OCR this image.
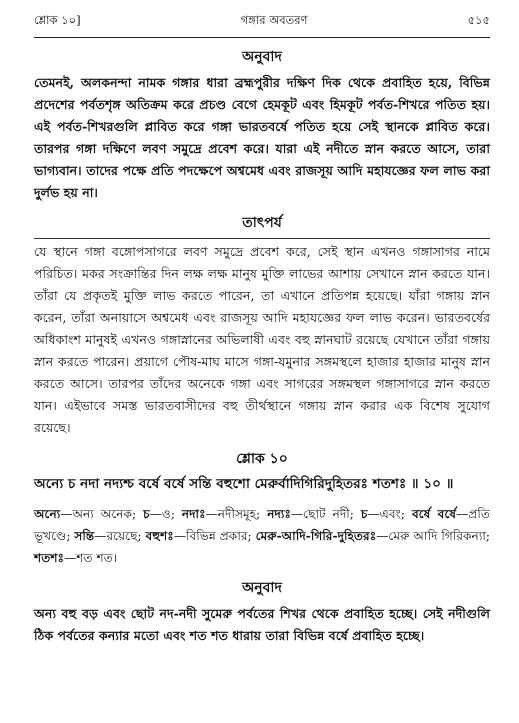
শ্লোক ১০]	গঙ্গার অবতরণ	৫১৫
অনুবাদ

তেমনই, অলকনন্দা নামক গঙ্গার ধারা ব্রহ্মপুরীর দক্ষিণ দিক থেকে প্রবাহিত হয়ে, বিভিন্ন প্রদেশের পর্বতশৃঙ্গ অতিক্রম করে প্রচণ্ড বেগে হেমকূট এবং হিমকূট পর্বত-শিখরে পতিত হয়। এই পর্বত-শিখরগুলি প্লাবিত করে গঙ্গা ভারতবর্ষে পতিত হয়ে সেই স্থানকে প্লাবিত করে। তারপর গঙ্গা দক্ষিণে লবণ সমুদ্রে প্রবেশ করে। যারা এই নদীতে স্নান করতে আসে, তারা ভাগ্যবান। তাদের পক্ষে প্রতি পদক্ষেপে অশ্বমেধ এবং রাজসূয় আদি মহাযজ্ঞের ফল লাভ করা দুর্লভ হয় না।

তাৎপর্য

যে স্থানে গঙ্গা বঙ্গোপসাগরে লবণ সমুদ্রে প্রবেশ করে, সেই স্থান এখনও গঙ্গাসাগর নামে পরিচিত। মকর সংক্রান্তির দিন লক্ষ লক্ষ মানুষ মুক্তি লাভের আশায় সেখানে স্নান করতে যান। তাঁরা যে প্রকৃতই মুক্তি লাভ করতে পারেন, তা এখানে প্রতিপন্ন হয়েছে। যাঁরা গঙ্গায় স্নান করেন, তাঁরা অনায়াসে অশ্বমেধ এবং রাজসূয় আদি মহাযজ্ঞের ফল লাভ করেন। ভারতবর্ষের অধিকাংশ মানুষই এখনও গঙ্গাস্নানের অভিলাষী এবং বহু স্নানঘাট রয়েছে যেখানে তাঁরা গঙ্গায় স্নান করতে পারেন। প্রয়াগে পৌষ-মাঘ মাসে গঙ্গা-যমুনার সঙ্গমস্থলে হাজার হাজার মানুষ স্নান করতে আসে। তারপর তাঁদের অনেকে গঙ্গা এবং সাগরের সঙ্গমস্থল গঙ্গাসাগরে স্নান করতে যান। এইভাবে সমস্ত ভারতবাসীদের বহু তীর্থস্থানে গঙ্গায় স্নান করার এক বিশেষ সুযোগ রয়েছে।

শ্লোক ১০

অন্যে চ নদা নদ্যশ্চ বর্ষে বর্ষে সন্তি বহুশো মেরুর্বাদিগিরিদুহিতরঃ শতশঃ ॥ ১০ ॥

অন্যে—অন্য অনেক; চ—ও; নদাঃ—নদীসমূহ; নদ্যঃ—ছোট নদী; চ—এবং; বর্ষে বর্ষে—প্রতি ভূখণ্ডে; সন্তি—রয়েছে; বহুশঃ—বিভিন্ন প্রকার; মেরু-আদি-গিরি-দুহিতরঃ—মেরু আদি গিরিকন্যা; শতশঃ—শত শত।

অনুবাদ

অন্য বহু বড় এবং ছোট নদ-নদী সুমেরু পর্বতের শিখর থেকে প্রবাহিত হচ্ছে। সেই নদীগুলি ঠিক পর্বতের কন্যার মতো এবং শত শত ধারায় তারা বিভিন্ন বর্ষে প্রবাহিত হচ্ছে।
